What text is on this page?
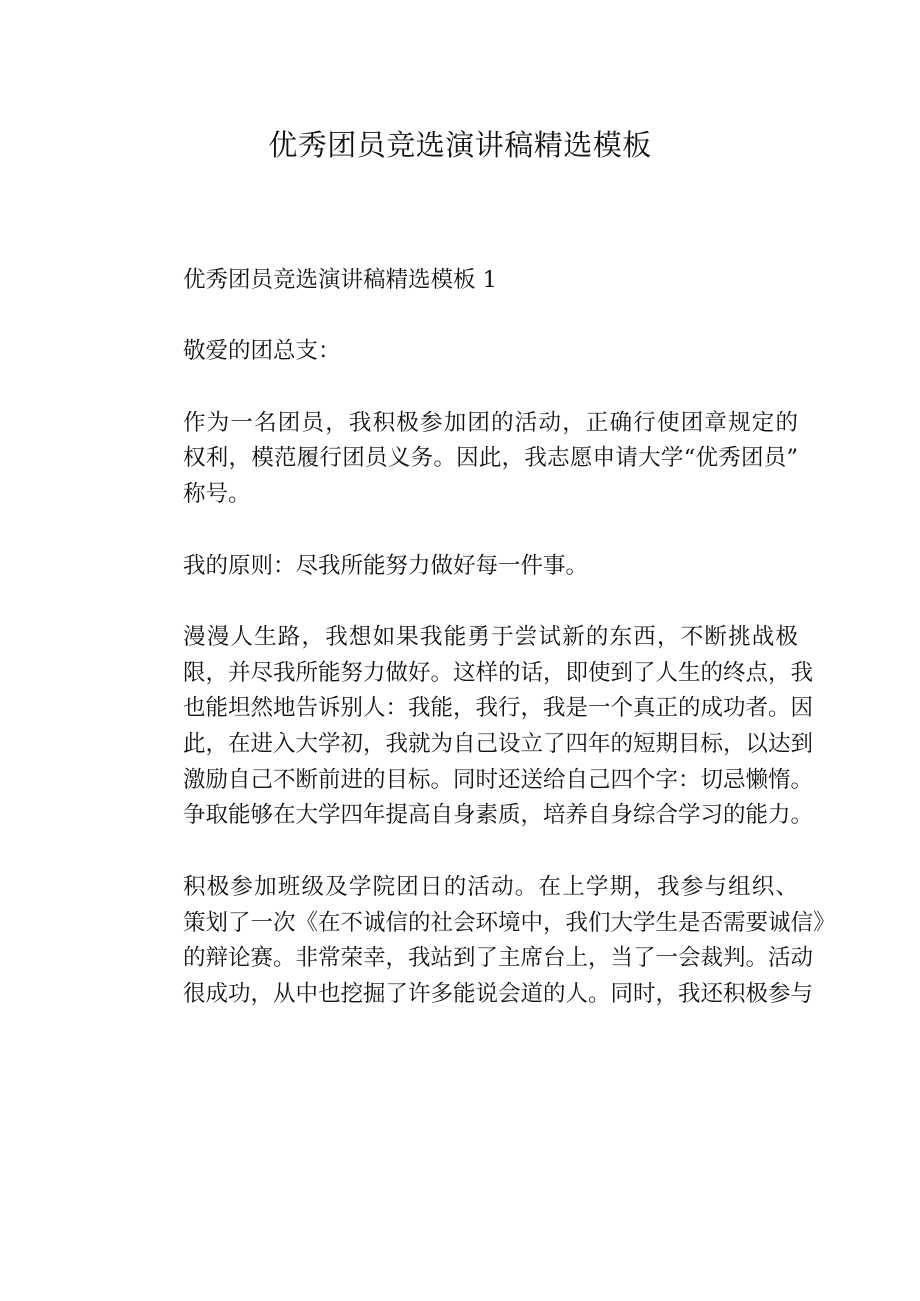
优秀团员竞选演讲稿精选模板

优秀团员竞选演讲稿精选模板 1

敬爱的团总支：

作为一名团员，我积极参加团的活动，正确行使团章规定的
权利，模范履行团员义务。因此，我志愿申请大学“优秀团员”
称号。

我的原则：尽我所能努力做好每一件事。

漫漫人生路，我想如果我能勇于尝试新的东西，不断挑战极
限，并尽我所能努力做好。这样的话，即使到了人生的终点，我
也能坦然地告诉别人：我能，我行，我是一个真正的成功者。因
此，在进入大学初，我就为自己设立了四年的短期目标，以达到
激励自己不断前进的目标。同时还送给自己四个字：切忌懒惰。
争取能够在大学四年提高自身素质，培养自身综合学习的能力。

积极参加班级及学院团日的活动。在上学期，我参与组织、
策划了一次《在不诚信的社会环境中，我们大学生是否需要诚信》
的辩论赛。非常荣幸，我站到了主席台上，当了一会裁判。活动
很成功，从中也挖掘了许多能说会道的人。同时，我还积极参与
